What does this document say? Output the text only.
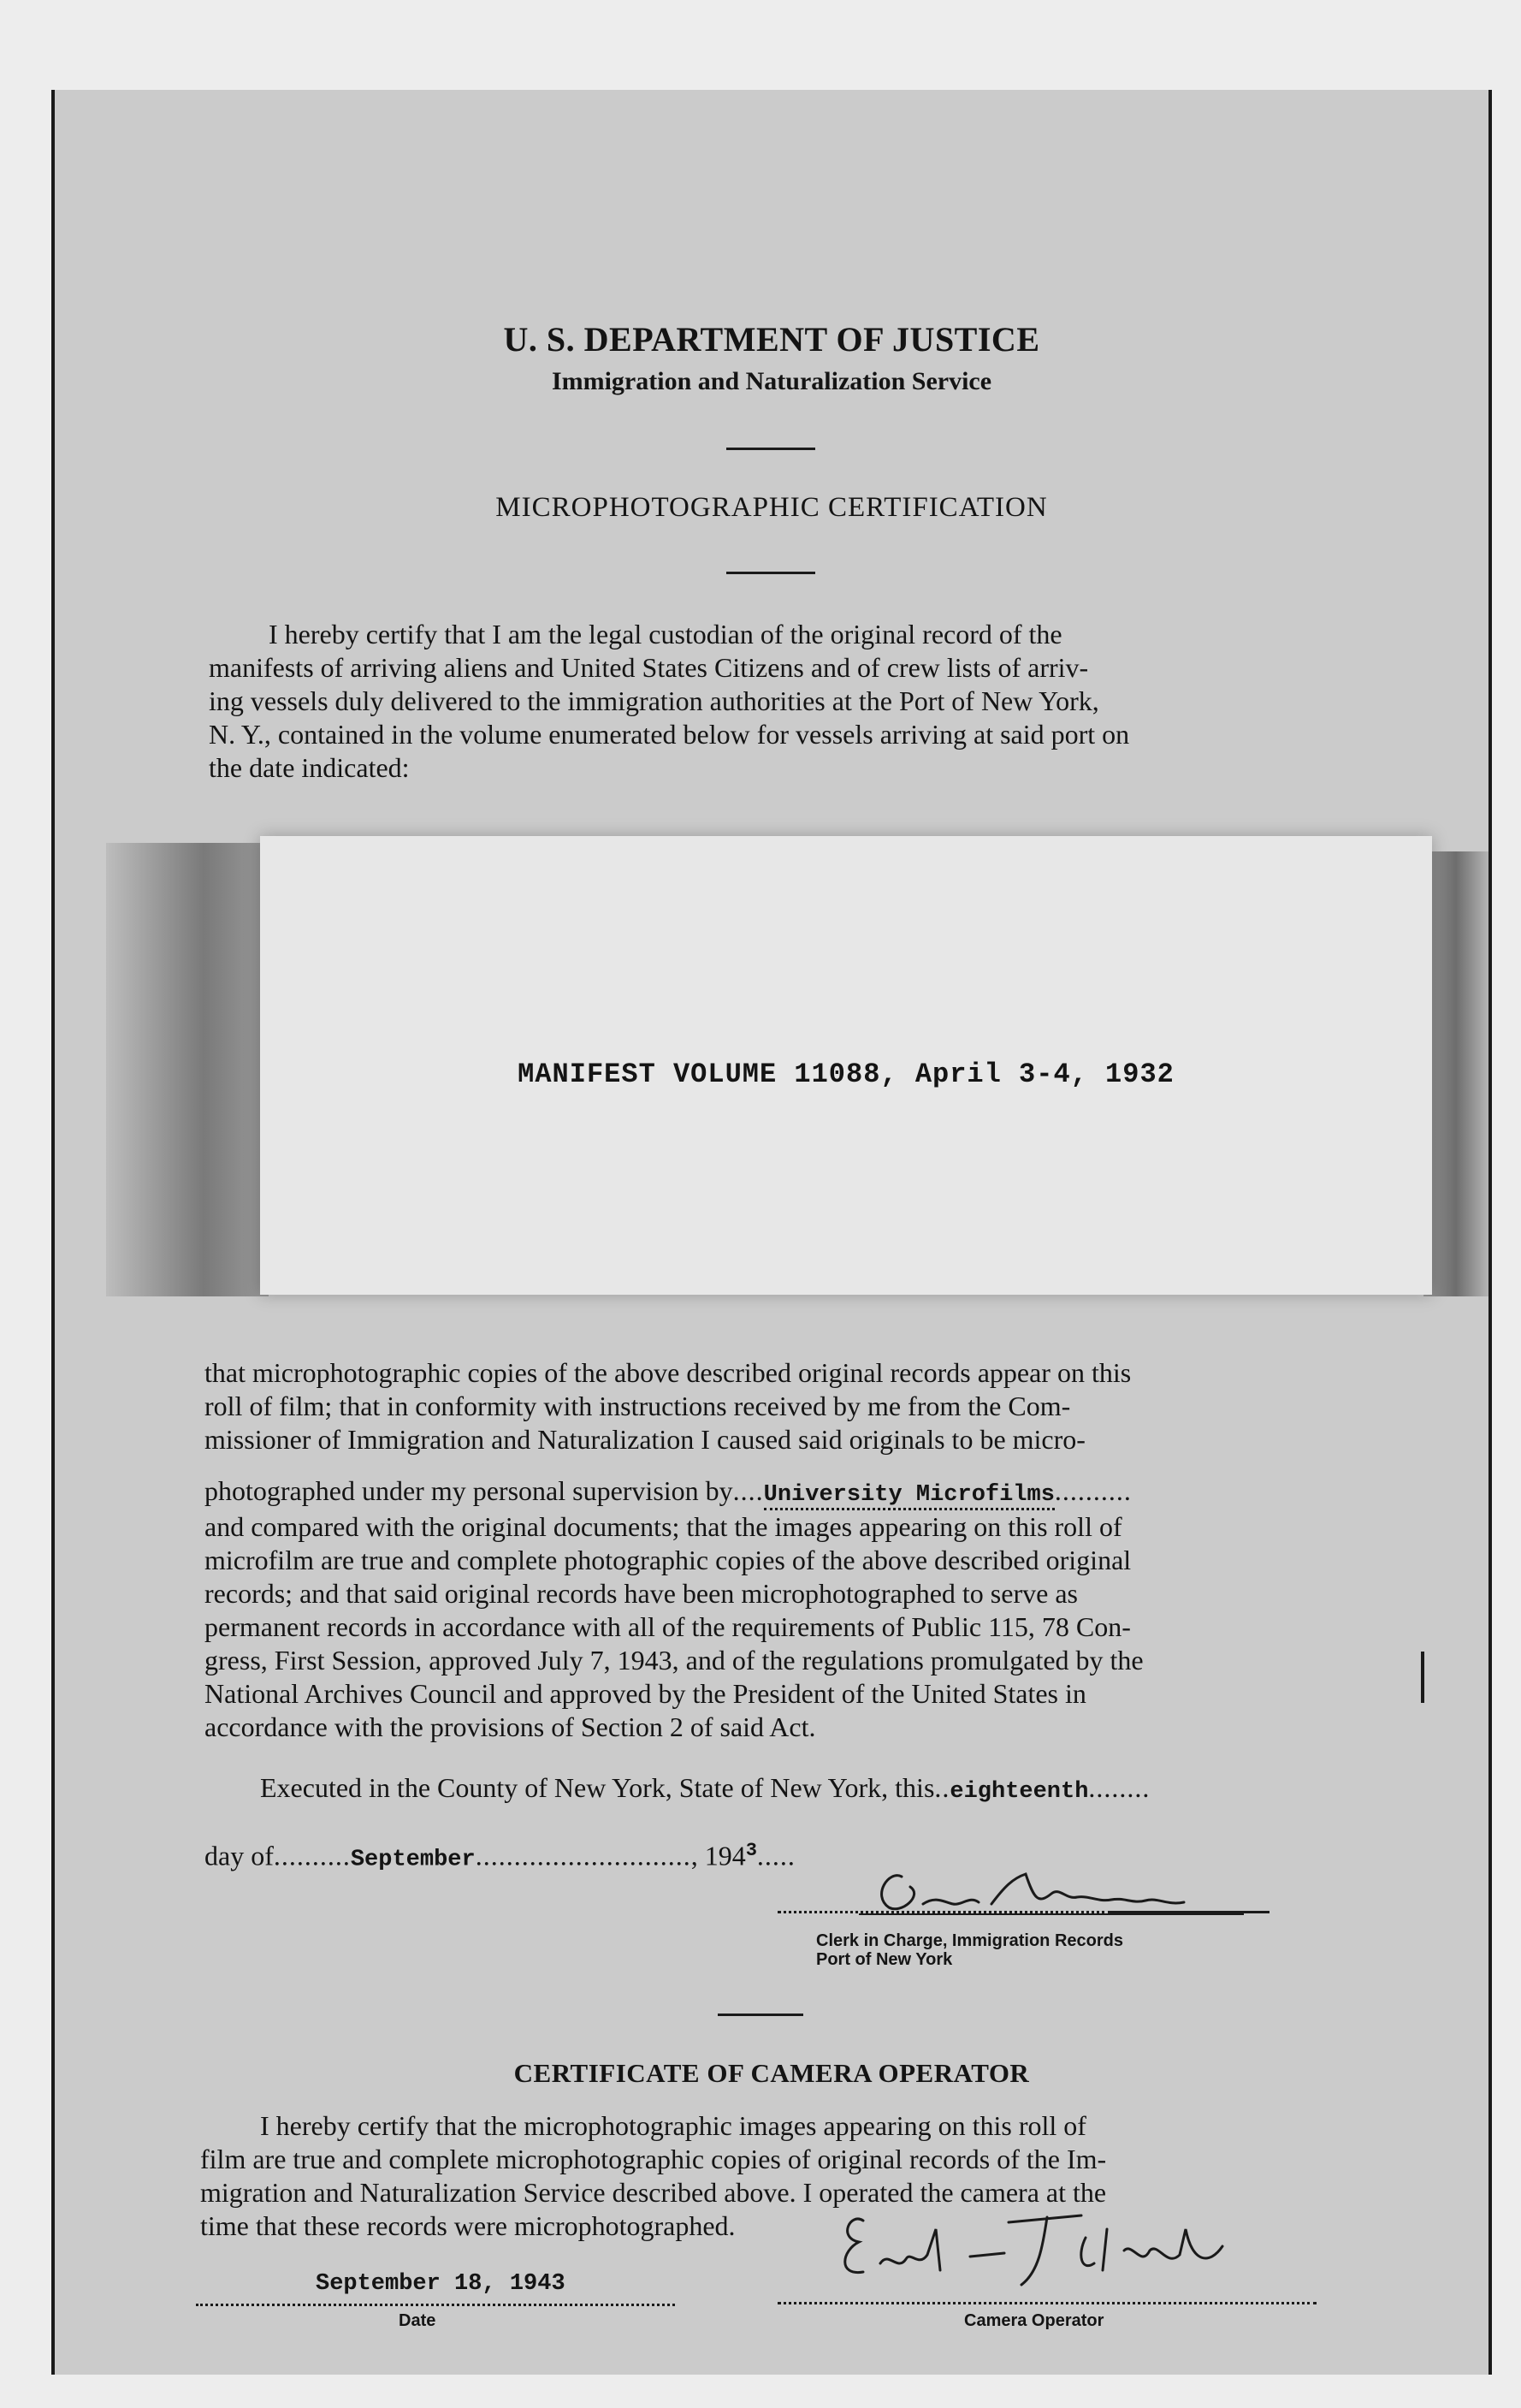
U. S. DEPARTMENT OF JUSTICE
Immigration and Naturalization Service
MICROPHOTOGRAPHIC CERTIFICATION

I hereby certify that I am the legal custodian of the original record of the

manifests of arriving aliens and United States Citizens and of crew lists of arriv-

ing vessels duly delivered to the immigration authorities at the Port of New York,

N. Y., contained in the volume enumerated below for vessels arriving at said port on

the date indicated:

MANIFEST VOLUME 11088, April 3-4, 1932

that microphotographic copies of the above described original records appear on this

roll of film; that in conformity with instructions received by me from the Com-

missioner of Immigration and Naturalization I caused said originals to be micro-

photographed under my personal supervision by....University Microfilms..........

and compared with the original documents; that the images appearing on this roll of

microfilm are true and complete photographic copies of the above described original

records; and that said original records have been microphotographed to serve as

permanent records in accordance with all of the requirements of Public 115, 78 Con-

gress, First Session, approved July 7, 1943, and of the regulations promulgated by the

National Archives Council and approved by the President of the United States in

accordance with the provisions of Section 2 of said Act.

Executed in the County of New York, State of New York, this..eighteenth........
day of..........September............................, $194^3$.....
Clerk in Charge, Immigration Records
Port of New York
CERTIFICATE OF CAMERA OPERATOR

I hereby certify that the microphotographic images appearing on this roll of

film are true and complete microphotographic copies of original records of the Im-

migration and Naturalization Service described above. I operated the camera at the

time that these records were microphotographed.

September 18, 1943
Date	Camera Operator
